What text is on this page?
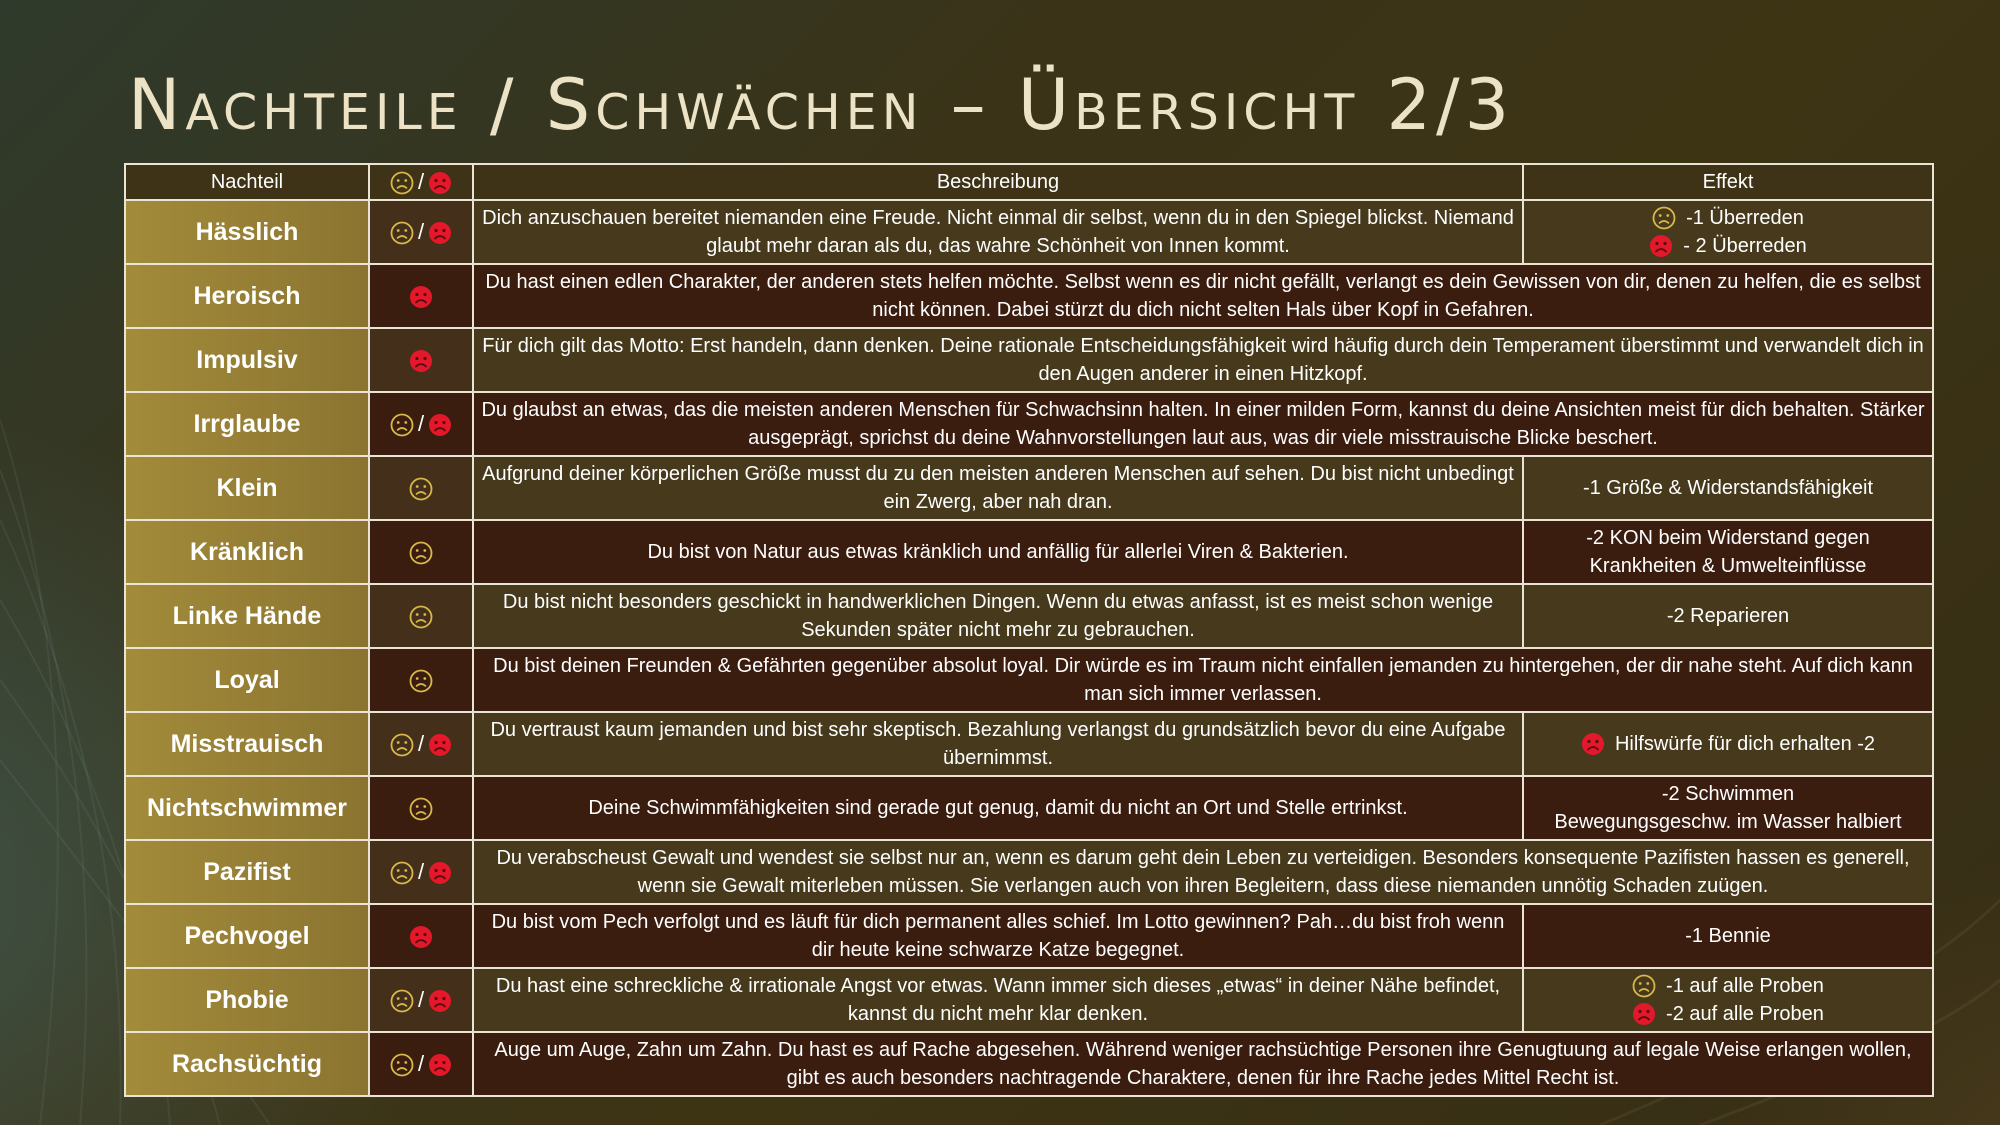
Nachteile / Schwächen – Übersicht 2/3
Nachteil	/	Beschreibung	Effekt
Hässlich	/	Dich anzuschauen bereitet niemanden eine Freude. Nicht einmal dir selbst, wenn du in den Spiegel blickst. Niemand glaubt mehr daran als du, das wahre Schönheit von Innen kommt.	-1 Überreden
- 2 Überreden

Heroisch		Du hast einen edlen Charakter, der anderen stets helfen möchte. Selbst wenn es dir nicht gefällt, verlangt es dein Gewissen von dir, denen zu helfen, die es selbst nicht können. Dabei stürzt du dich nicht selten Hals über Kopf in Gefahren.	
Impulsiv		Für dich gilt das Motto: Erst handeln, dann denken. Deine rationale Entscheidungsfähigkeit wird häufig durch dein Temperament überstimmt und verwandelt dich in den Augen anderer in einen Hitzkopf.	
Irrglaube	/	Du glaubst an etwas, das die meisten anderen Menschen für Schwachsinn halten. In einer milden Form, kannst du deine Ansichten meist für dich behalten. Stärker ausgeprägt, sprichst du deine Wahnvorstellungen laut aus, was dir viele misstrauische Blicke beschert.	
Klein		Aufgrund deiner körperlichen Größe musst du zu den meisten anderen Menschen auf sehen. Du bist nicht unbedingt ein Zwerg, aber nah dran.	-1 Größe & Widerstandsfähigkeit

Kränklich		Du bist von Natur aus etwas kränklich und anfällig für allerlei Viren & Bakterien.	-2 KON beim Widerstand gegen
Krankheiten & Umwelteinflüsse

Linke Hände		Du bist nicht besonders geschickt in handwerklichen Dingen. Wenn du etwas anfasst, ist es meist schon wenige Sekunden später nicht mehr zu gebrauchen.	-2 Reparieren

Loyal		Du bist deinen Freunden & Gefährten gegenüber absolut loyal. Dir würde es im Traum nicht einfallen jemanden zu hintergehen, der dir nahe steht. Auf dich kann man sich immer verlassen.	
Misstrauisch	/	Du vertraust kaum jemanden und bist sehr skeptisch. Bezahlung verlangst du grundsätzlich bevor du eine Aufgabe übernimmst.	Hilfswürfe für dich erhalten -2

Nichtschwimmer		Deine Schwimmfähigkeiten sind gerade gut genug, damit du nicht an Ort und Stelle ertrinkst.	-2 Schwimmen
Bewegungsgeschw. im Wasser halbiert

Pazifist	/	Du verabscheust Gewalt und wendest sie selbst nur an, wenn es darum geht dein Leben zu verteidigen. Besonders konsequente Pazifisten hassen es generell, wenn sie Gewalt miterleben müssen. Sie verlangen auch von ihren Begleitern, dass diese niemanden unnötig Schaden zuügen.	
Pechvogel		Du bist vom Pech verfolgt und es läuft für dich permanent alles schief. Im Lotto gewinnen? Pah…du bist froh wenn dir heute keine schwarze Katze begegnet.	-1 Bennie

Phobie	/	Du hast eine schreckliche & irrationale Angst vor etwas. Wann immer sich dieses „etwas“ in deiner Nähe befindet, kannst du nicht mehr klar denken.	-1 auf alle Proben
-2 auf alle Proben

Rachsüchtig	/	Auge um Auge, Zahn um Zahn. Du hast es auf Rache abgesehen. Während weniger rachsüchtige Personen ihre Genugtuung auf legale Weise erlangen wollen, gibt es auch besonders nachtragende Charaktere, denen für ihre Rache jedes Mittel Recht ist.	
